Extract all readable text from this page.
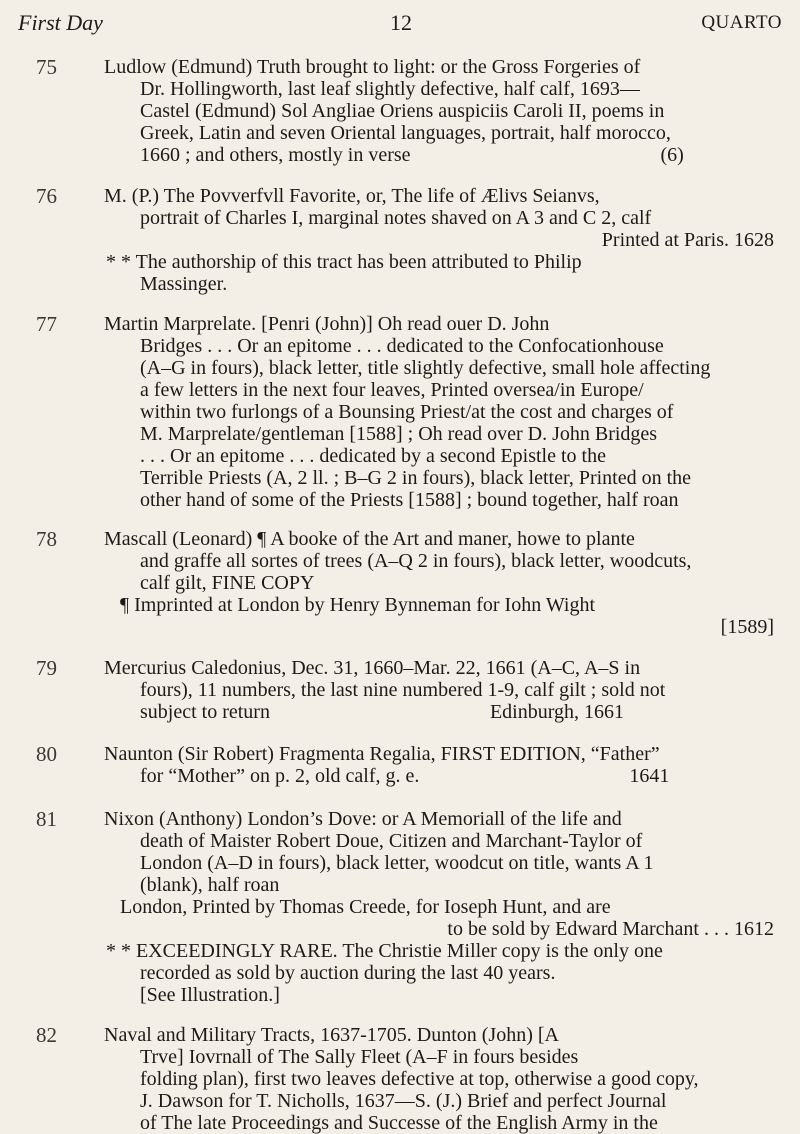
First Day	12	QUARTO
75	Ludlow (Edmund) Truth brought to light: or the Gross Forgeries of
Dr. Hollingworth, last leaf slightly defective, half calf, 1693—
Castel (Edmund) Sol Angliae Oriens auspiciis Caroli II, poems in
Greek, Latin and seven Oriental languages, portrait, half morocco,
1660 ; and others, mostly in verse                                                  (6)
76	M. (P.) The Povverfvll Favorite, or, The life of Ælivs Seianvs,
portrait of Charles I, marginal notes shaved on A 3 and C 2, calf
Printed at Paris. 1628
* * The authorship of this tract has been attributed to Philip
Massinger.
77	Martin Marprelate. [Penri (John)] Oh read ouer D. John
Bridges . . . Or an epitome . . . dedicated to the Confocationhouse
(A–G in fours), black letter, title slightly defective, small hole affecting
a few letters in the next four leaves, Printed oversea/in Europe/
within two furlongs of a Bounsing Priest/at the cost and charges of
M. Marprelate/gentleman [1588] ; Oh read over D. John Bridges
. . . Or an epitome . . . dedicated by a second Epistle to the
Terrible Priests (A, 2 ll. ; B–G 2 in fours), black letter, Printed on the
other hand of some of the Priests [1588] ; bound together, half roan
78	Mascall (Leonard) ¶ A booke of the Art and maner, howe to plante
and graffe all sortes of trees (A–Q 2 in fours), black letter, woodcuts,
calf gilt, FINE COPY
¶ Imprinted at London by Henry Bynneman for Iohn Wight
[1589]
79	Mercurius Caledonius, Dec. 31, 1660–Mar. 22, 1661 (A–C, A–S in
fours), 11 numbers, the last nine numbered 1-9, calf gilt ; sold not
subject to return                                            Edinburgh, 1661
80	Naunton (Sir Robert) Fragmenta Regalia, FIRST EDITION, “Father”
for “Mother” on p. 2, old calf, g. e.                                          1641
81	Nixon (Anthony) London’s Dove: or A Memoriall of the life and
death of Maister Robert Doue, Citizen and Marchant-Taylor of
London (A–D in fours), black letter, woodcut on title, wants A 1
(blank), half roan
London, Printed by Thomas Creede, for Ioseph Hunt, and are
to be sold by Edward Marchant . . . 1612
* * EXCEEDINGLY RARE. The Christie Miller copy is the only one
recorded as sold by auction during the last 40 years.
[See Illustration.]
82	Naval and Military Tracts, 1637-1705. Dunton (John) [A
Trve] Iovrnall of The Sally Fleet (A–F in fours besides
folding plan), first two leaves defective at top, otherwise a good copy,
J. Dawson for T. Nicholls, 1637—S. (J.) Brief and perfect Journal
of The late Proceedings and Successe of the English Army in the
